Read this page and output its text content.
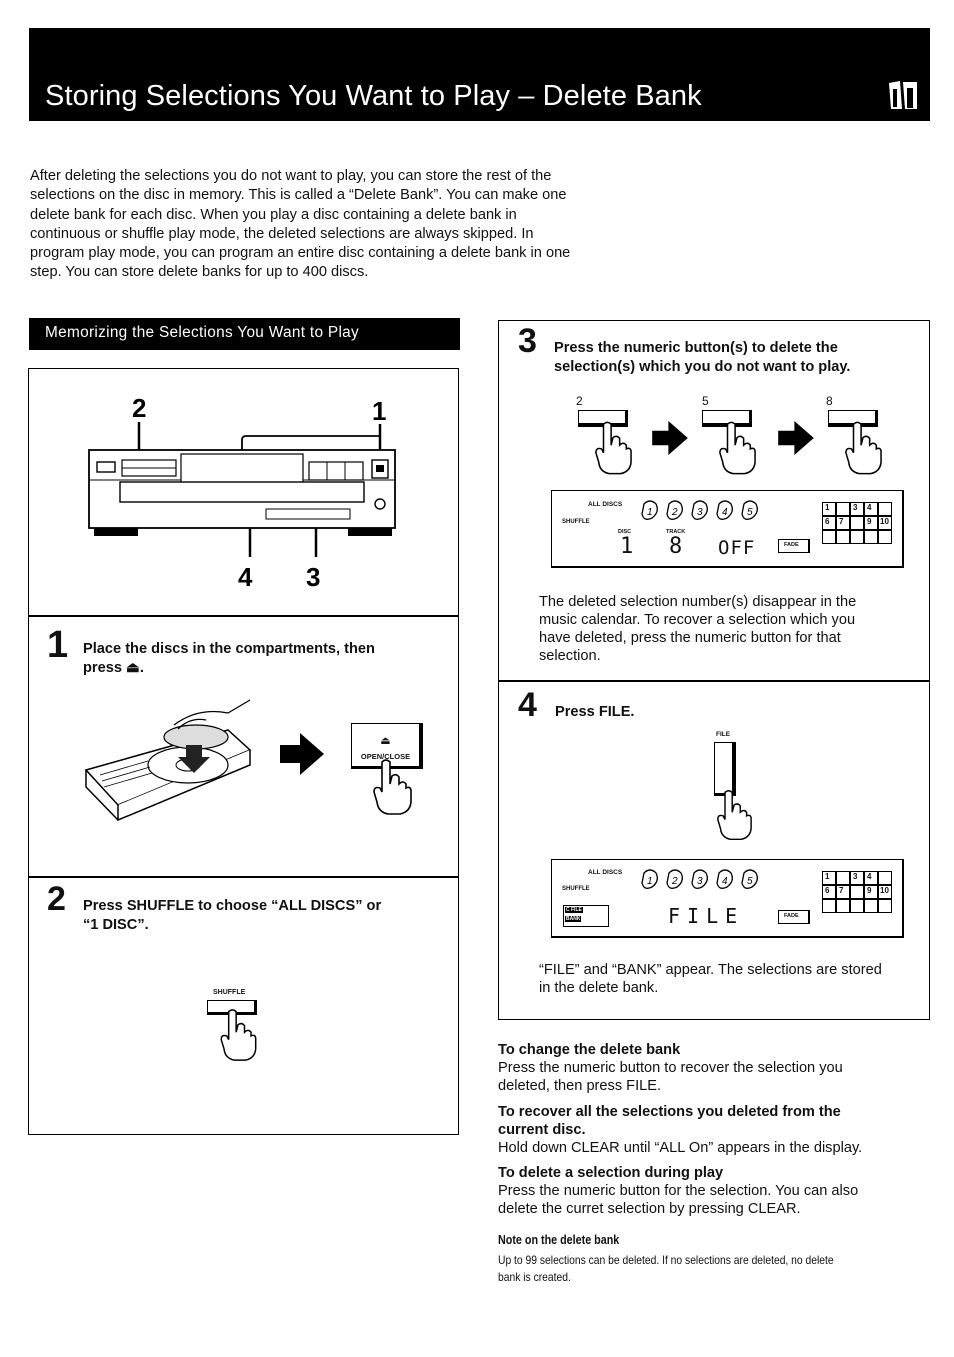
Storing Selections You Want to Play – Delete Bank
After deleting the selections you do not want to play, you can store the rest of the
selections on the disc in memory. This is called a “Delete Bank”. You can make one
delete bank for each disc. When you play a disc containing a delete bank in
continuous or shuffle play mode, the deleted selections are always skipped. In
program play mode, you can program an entire disc containing a delete bank in one
step. You can store delete banks for up to 400 discs.
Memorizing the Selections You Want to Play
2	1
4 3
1 Place the discs in the compartments, then
press ⏏.
⏏
OPEN/CLOSE
2 Press SHUFFLE to choose “ALL DISCS” or
“1 DISC”.
SHUFFLE
3 Press the numeric button(s) to delete the
selection(s) which you do not want to play.
2	5	8
ALL DISCS
SHUFFLE
1 2 3 4 5
DISC	TRACK
1 8 OFF	FADE
1	3	4
6	7	9	10
The deleted selection number(s) disappear in the
music calendar. To recover a selection which you
have deleted, press the numeric button for that
selection.
4 Press FILE.
FILE
ALL DISCS
SHUFFLE
1 2 3 4 5
C FILE
BANK	FILE	FADE
1	3	4
6	7	9	10
“FILE” and “BANK” appear. The selections are stored
in the delete bank.
To change the delete bank
Press the numeric button to recover the selection you
deleted, then press FILE.
To recover all the selections you deleted from the
current disc.
Hold down CLEAR until “ALL On” appears in the display.
To delete a selection during play
Press the numeric button for the selection. You can also
delete the curret selection by pressing CLEAR.
Note on the delete bank
Up to 99 selections can be deleted. If no selections are deleted, no delete
bank is created.
